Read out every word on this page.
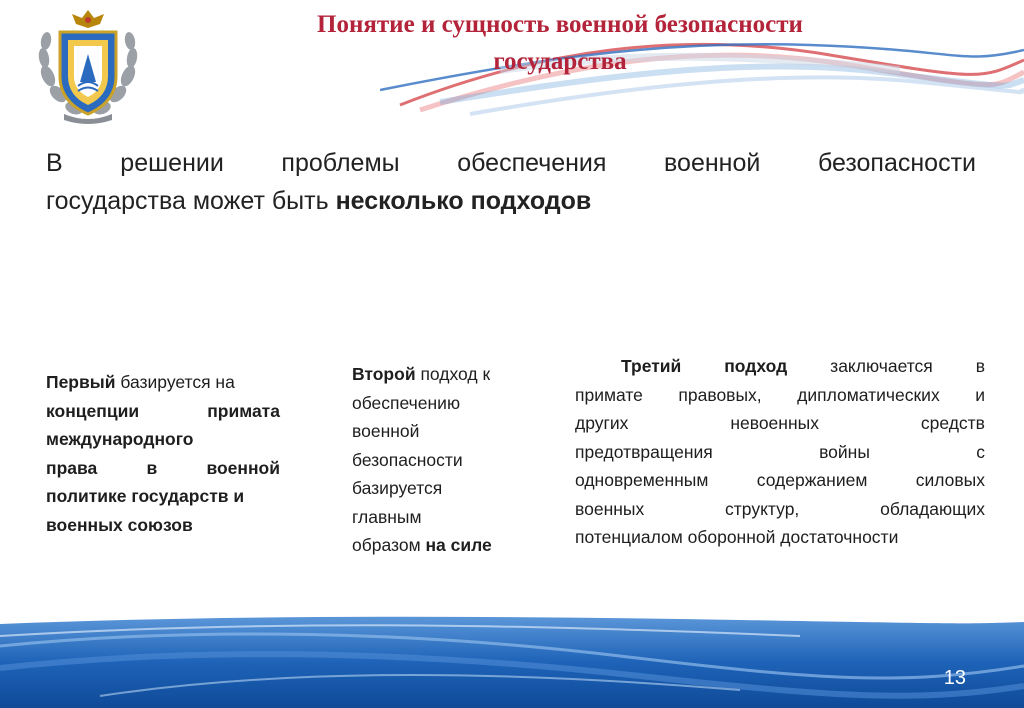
Понятие и сущность военной безопасности
государства
В решении проблемы обеспечения военной безопасности
государства может быть несколько подходов
Первый базируется на
концепции	примата
международного
права	в	военной
политике государств и
военных союзов
Второй подход к
обеспечению
военной
безопасности
базируется
главным
образом на силе
Третий подход заключается в
примате правовых, дипломатических и
других	невоенных	средств
предотвращения	войны	с
одновременным	содержанием	силовых
военных	структур,	обладающих
потенциалом оборонной достаточности
13
